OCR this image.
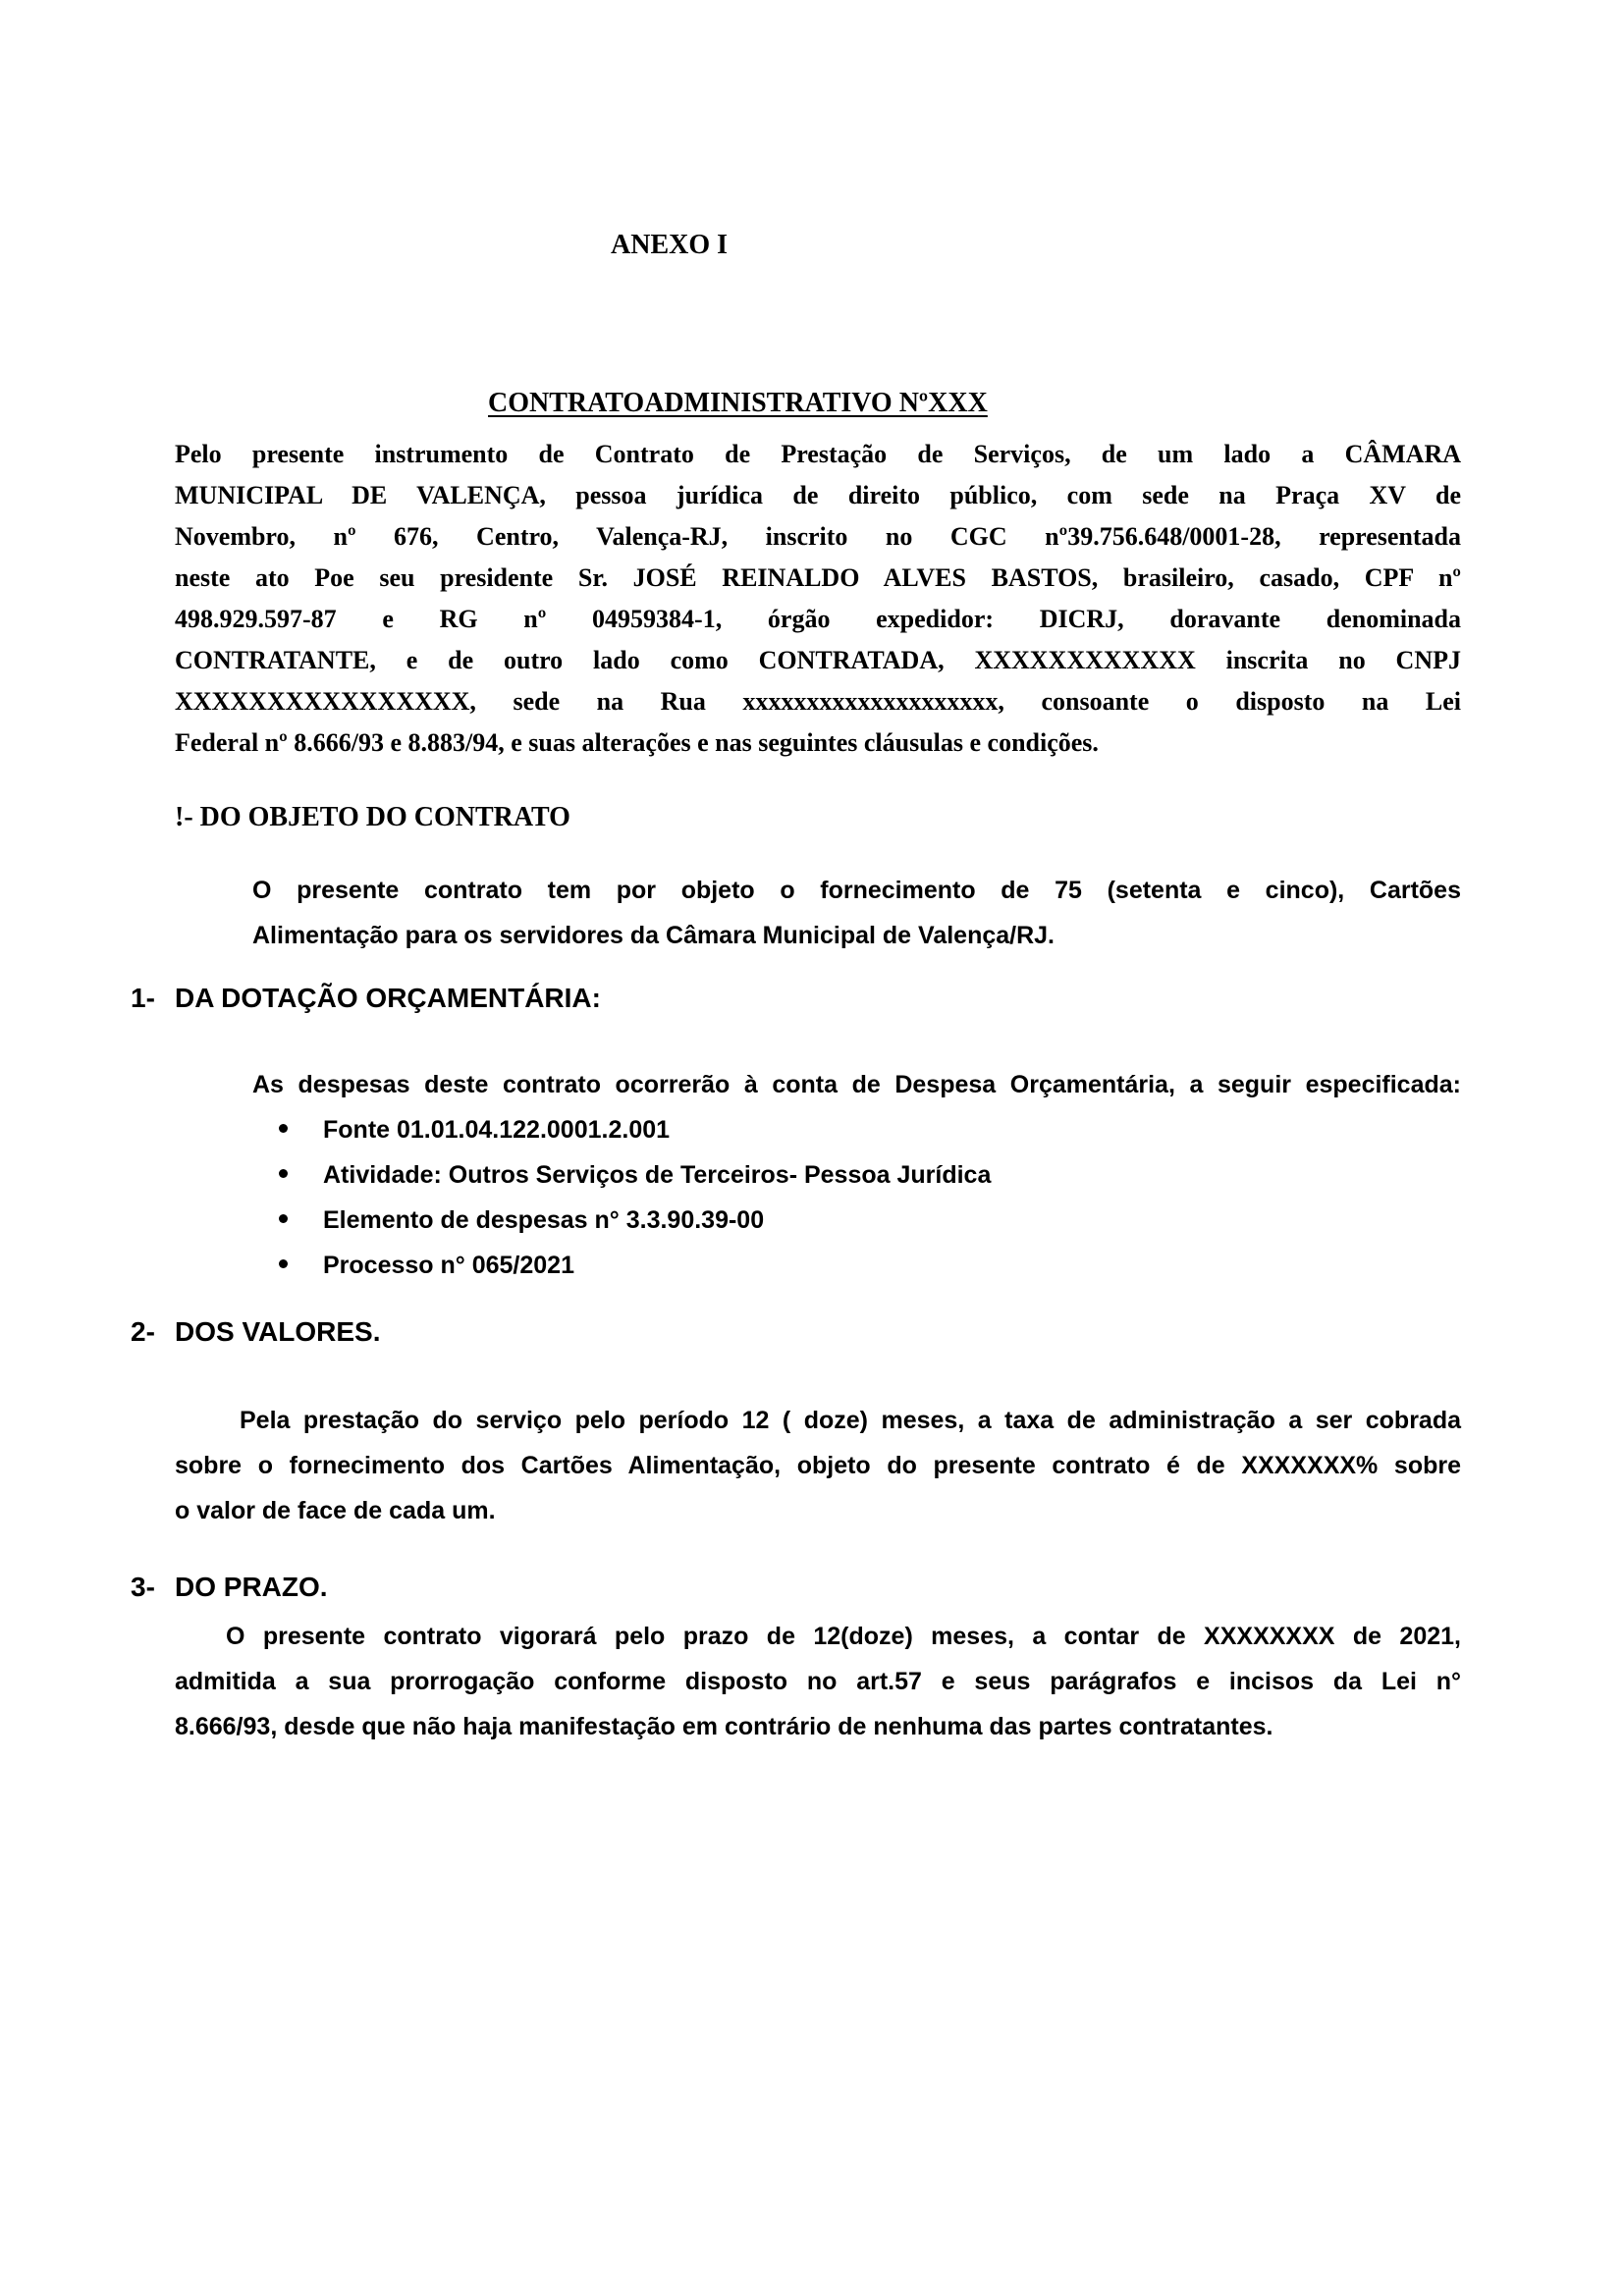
ANEXO I
CONTRATOADMINISTRATIVO NºXXX
Pelo presente instrumento de Contrato de Prestação de Serviços, de um lado a CÂMARA
MUNICIPAL DE VALENÇA, pessoa jurídica de direito público, com sede na Praça XV de
Novembro, nº 676, Centro, Valença-RJ, inscrito no CGC nº39.756.648/0001-28, representada
neste ato Poe seu presidente Sr. JOSÉ REINALDO ALVES BASTOS, brasileiro, casado, CPF nº
498.929.597-87 e RG nº 04959384-1, órgão expedidor: DICRJ, doravante denominada
CONTRATANTE, e de outro lado como CONTRATADA, XXXXXXXXXXXX inscrita no CNPJ
XXXXXXXXXXXXXXXX, sede na Rua xxxxxxxxxxxxxxxxxxxx, consoante o disposto na Lei
Federal nº 8.666/93 e 8.883/94, e suas alterações e nas seguintes cláusulas e condições.
!- DO OBJETO DO CONTRATO
O presente contrato tem por objeto o fornecimento de 75 (setenta e cinco), Cartões
Alimentação para os servidores da Câmara Municipal de Valença/RJ.
1- DA DOTAÇÃO ORÇAMENTÁRIA:
As despesas deste contrato ocorrerão à conta de Despesa Orçamentária, a seguir especificada:
Fonte 01.01.04.122.0001.2.001
Atividade: Outros Serviços de Terceiros- Pessoa Jurídica
Elemento de despesas n° 3.3.90.39-00
Processo n° 065/2021
2- DOS VALORES.
Pela prestação do serviço pelo período 12 ( doze) meses, a taxa de administração a ser cobrada
sobre o fornecimento dos Cartões Alimentação, objeto do presente contrato é de XXXXXXX% sobre
o valor de face de cada um.
3- DO PRAZO.
O presente contrato vigorará pelo prazo de 12(doze) meses, a contar de XXXXXXXX de 2021,
admitida a sua prorrogação conforme disposto no art.57 e seus parágrafos e incisos da Lei n°
8.666/93, desde que não haja manifestação em contrário de nenhuma das partes contratantes.
